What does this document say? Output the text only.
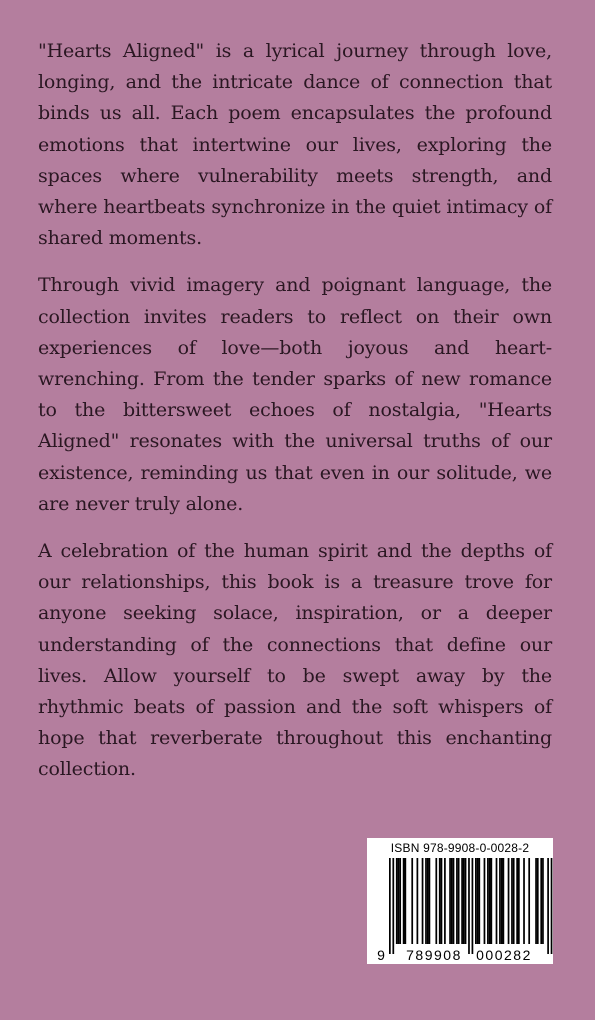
"Hearts Aligned" is a lyrical journey through love, longing, and the intricate dance of connection that binds us all. Each poem encapsulates the profound emotions that intertwine our lives, exploring the spaces where vulnerability meets strength, and where heartbeats synchronize in the quiet intimacy of shared moments.

Through vivid imagery and poignant language, the collection invites readers to reflect on their own experiences of love—both joyous and heart-wrenching. From the tender sparks of new romance to the bittersweet echoes of nostalgia, "Hearts Aligned" resonates with the universal truths of our existence, reminding us that even in our solitude, we are never truly alone.

A celebration of the human spirit and the depths of our relationships, this book is a treasure trove for anyone seeking solace, inspiration, or a deeper understanding of the connections that define our lives. Allow yourself to be swept away by the rhythmic beats of passion and the soft whispers of hope that reverberate throughout this enchanting collection.

ISBN 978-9908-0-0028-2
9 789908 000282
